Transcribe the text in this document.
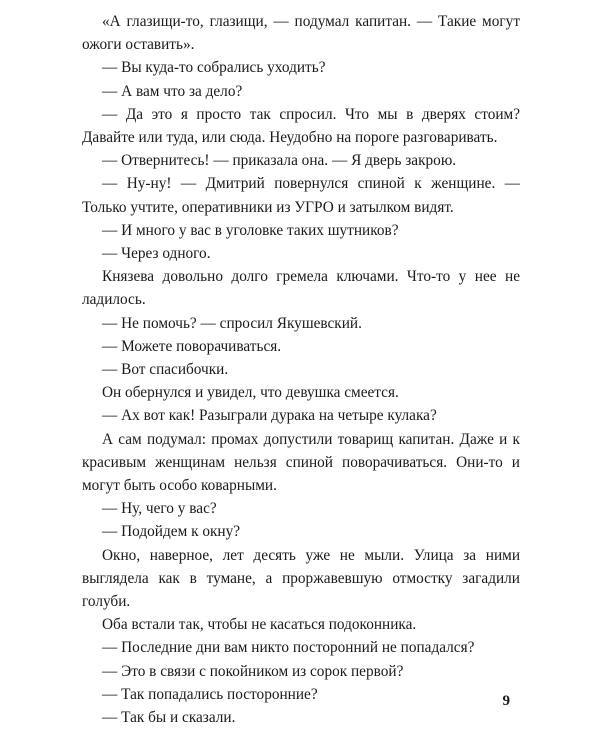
«А глазищи-то, глазищи, — подумал капитан. — Такие могут ожоги оставить».

— Вы куда-то собрались уходить?

— А вам что за дело?

— Да это я просто так спросил. Что мы в дверях стоим? Давайте или туда, или сюда. Неудобно на пороге разговаривать.

— Отвернитесь! — приказала она. — Я дверь закрою.

— Ну-ну! — Дмитрий повернулся спиной к женщине. — Только учтите, оперативники из УГРО и затылком видят.

— И много у вас в уголовке таких шутников?

— Через одного.

Князева довольно долго гремела ключами. Что-то у нее не ладилось.

— Не помочь? — спросил Якушевский.

— Можете поворачиваться.

— Вот спасибочки.

Он обернулся и увидел, что девушка смеется.

— Ах вот как! Разыграли дурака на четыре кулака?

А сам подумал: промах допустили товарищ капитан. Даже и к красивым женщинам нельзя спиной поворачиваться. Они-то и могут быть особо коварными.

— Ну, чего у вас?

— Подойдем к окну?

Окно, наверное, лет десять уже не мыли. Улица за ними выглядела как в тумане, а проржавевшую отмостку загадили голуби.

Оба встали так, чтобы не касаться подоконника.

— Последние дни вам никто посторонний не попадался?

— Это в связи с покойником из сорок первой?

— Так попадались посторонние?

— Так бы и сказали.

9
